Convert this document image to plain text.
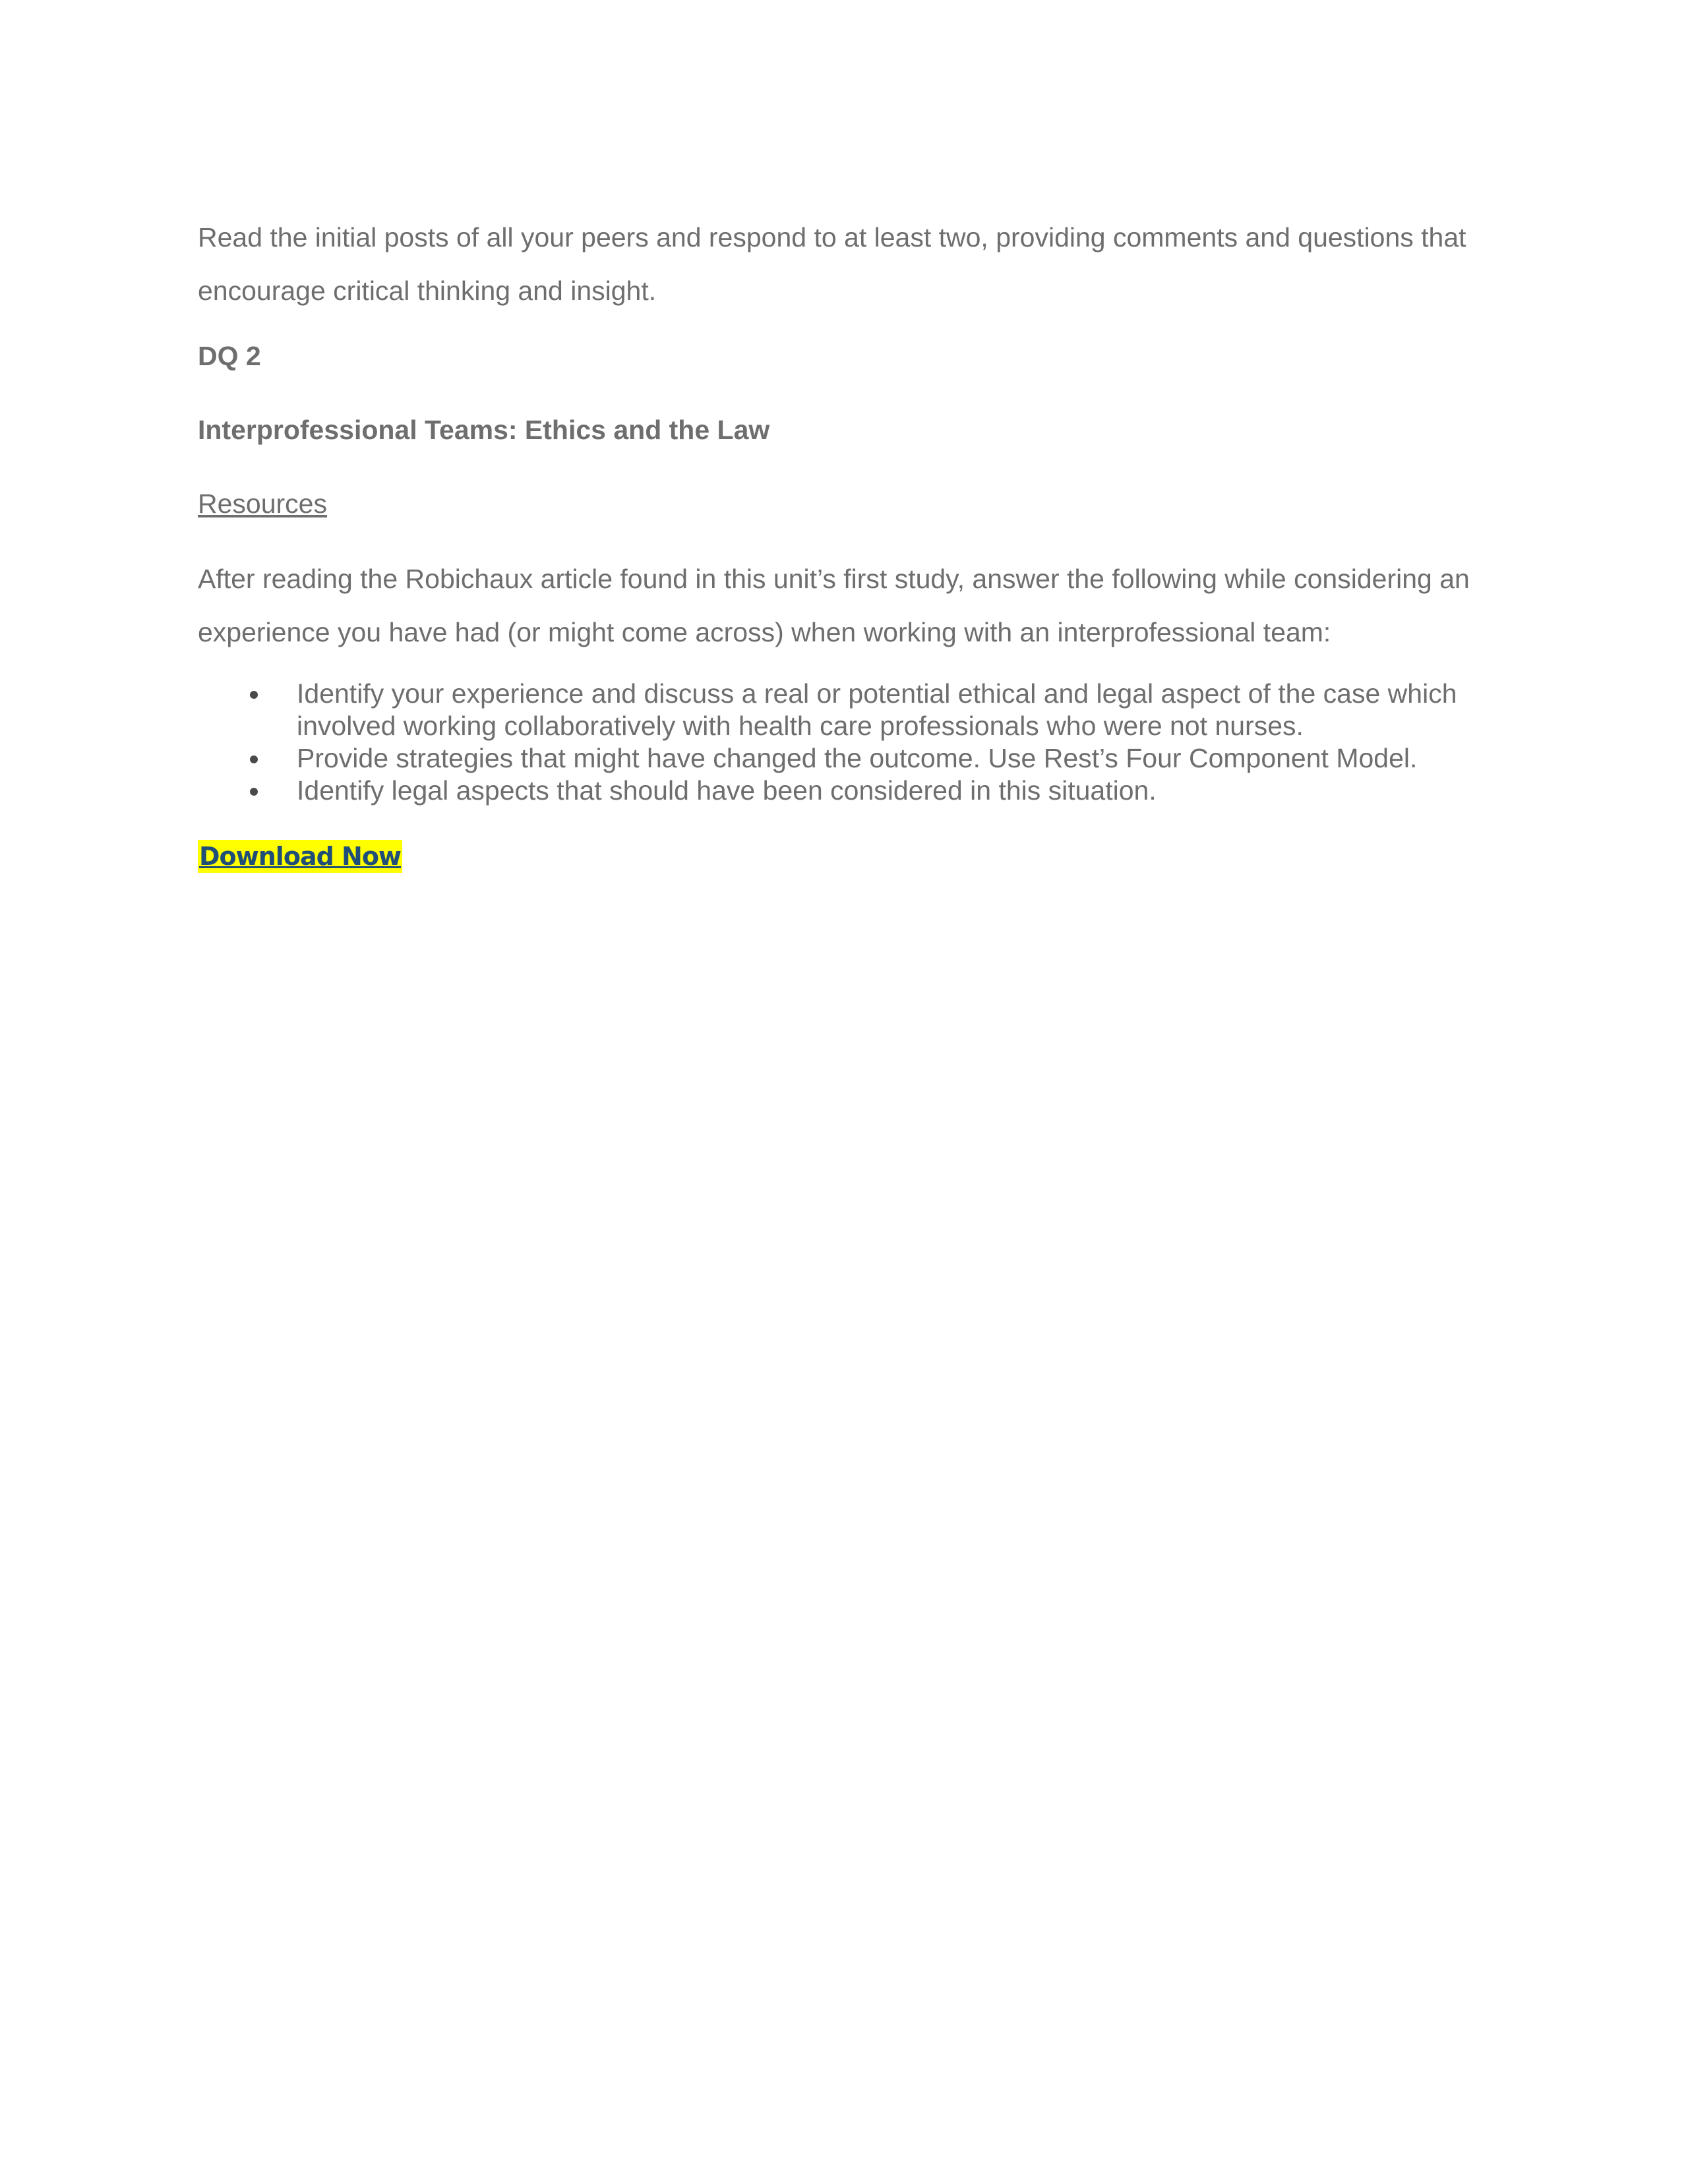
Read the initial posts of all your peers and respond to at least two, providing comments and questions that encourage critical thinking and insight.

DQ 2
Interprofessional Teams: Ethics and the Law
Resources

After reading the Robichaux article found in this unit’s first study, answer the following while considering an experience you have had (or might come across) when working with an interprofessional team:

Identify your experience and discuss a real or potential ethical and legal aspect of the case which involved working collaboratively with health care professionals who were not nurses.
Provide strategies that might have changed the outcome. Use Rest’s Four Component Model.
Identify legal aspects that should have been considered in this situation.
Download Now
